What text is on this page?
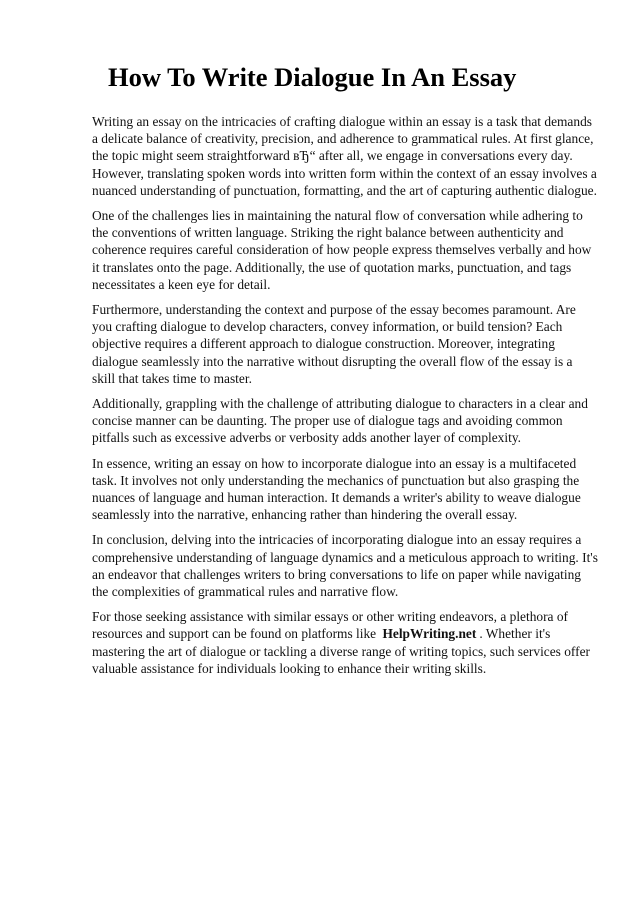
How To Write Dialogue In An Essay

Writing an essay on the intricacies of crafting dialogue within an essay is a task that demands a delicate balance of creativity, precision, and adherence to grammatical rules. At first glance, the topic might seem straightforward вЂ“ after all, we engage in conversations every day. However, translating spoken words into written form within the context of an essay involves a nuanced understanding of punctuation, formatting, and the art of capturing authentic dialogue.

One of the challenges lies in maintaining the natural flow of conversation while adhering to the conventions of written language. Striking the right balance between authenticity and coherence requires careful consideration of how people express themselves verbally and how it translates onto the page. Additionally, the use of quotation marks, punctuation, and tags necessitates a keen eye for detail.

Furthermore, understanding the context and purpose of the essay becomes paramount. Are you crafting dialogue to develop characters, convey information, or build tension? Each objective requires a different approach to dialogue construction. Moreover, integrating dialogue seamlessly into the narrative without disrupting the overall flow of the essay is a skill that takes time to master.

Additionally, grappling with the challenge of attributing dialogue to characters in a clear and concise manner can be daunting. The proper use of dialogue tags and avoiding common pitfalls such as excessive adverbs or verbosity adds another layer of complexity.

In essence, writing an essay on how to incorporate dialogue into an essay is a multifaceted task. It involves not only understanding the mechanics of punctuation but also grasping the nuances of language and human interaction. It demands a writer's ability to weave dialogue seamlessly into the narrative, enhancing rather than hindering the overall essay.

In conclusion, delving into the intricacies of incorporating dialogue into an essay requires a comprehensive understanding of language dynamics and a meticulous approach to writing. It's an endeavor that challenges writers to bring conversations to life on paper while navigating the complexities of grammatical rules and narrative flow.

For those seeking assistance with similar essays or other writing endeavors, a plethora of resources and support can be found on platforms like HelpWriting.net . Whether it's mastering the art of dialogue or tackling a diverse range of writing topics, such services offer valuable assistance for individuals looking to enhance their writing skills.
